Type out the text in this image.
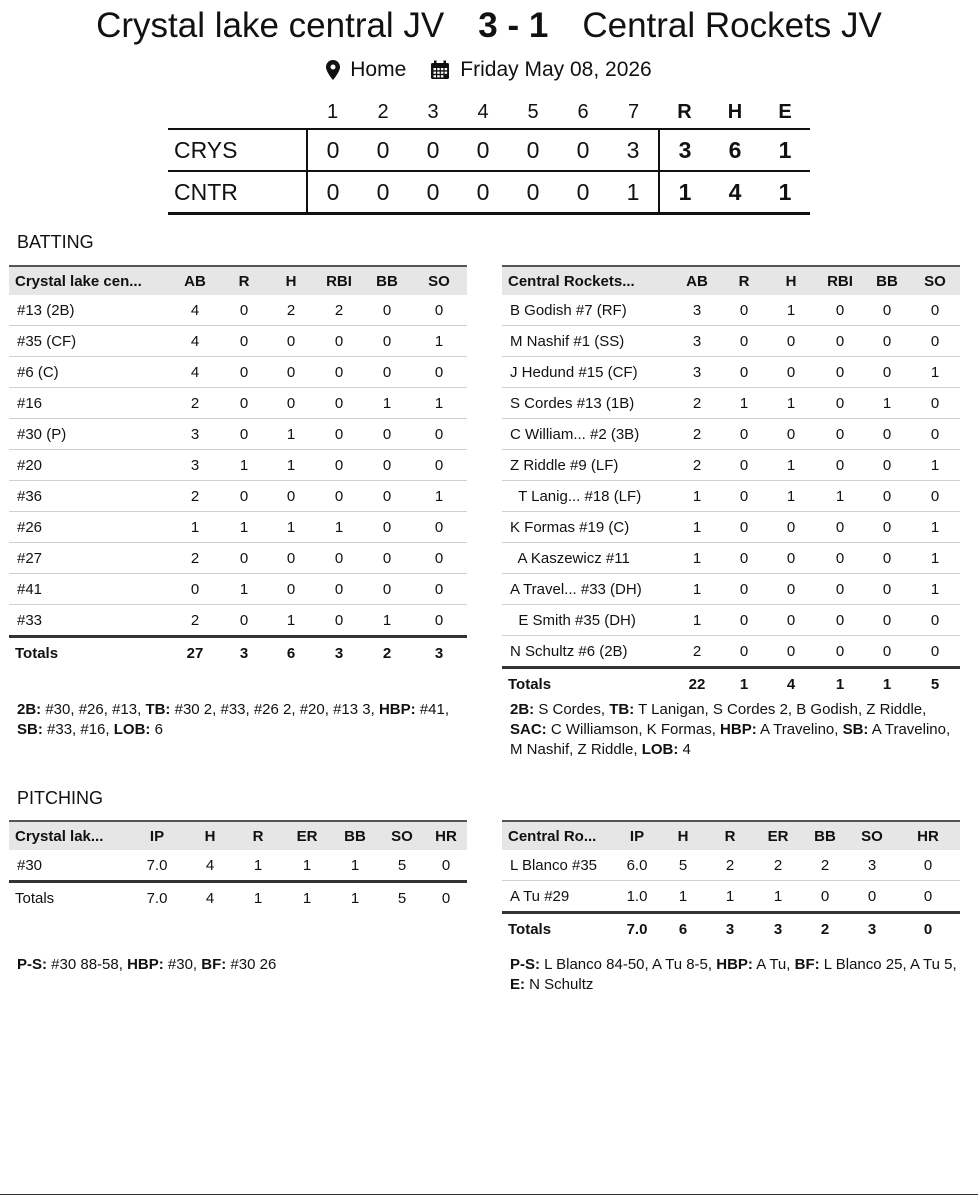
Crystal lake central JV 3 - 1 Central Rockets JV
Home	Friday May 08, 2026
	1	2	3	4	5	6	7	R	H	E
CRYS	0	0	0	0	0	0	3	3	6	1
CNTR	0	0	0	0	0	0	1	1	4	1
BATTING
Crystal lake cen...	AB	R	H	RBI	BB	SO
#13 (2B)	4	0	2	2	0	0
#35 (CF)	4	0	0	0	0	1
#6 (C)	4	0	0	0	0	0
#16	2	0	0	0	1	1
#30 (P)	3	0	1	0	0	0
#20	3	1	1	0	0	0
#36	2	0	0	0	0	1
#26	1	1	1	1	0	0
#27	2	0	0	0	0	0
#41	0	1	0	0	0	0
#33	2	0	1	0	1	0
Totals	27	3	6	3	2	3
Central Rockets...	AB	R	H	RBI	BB	SO
B Godish #7 (RF)	3	0	1	0	0	0
M Nashif #1 (SS)	3	0	0	0	0	0
J Hedund #15 (CF)	3	0	0	0	0	1
S Cordes #13 (1B)	2	1	1	0	1	0
C William... #2 (3B)	2	0	0	0	0	0
Z Riddle #9 (LF)	2	0	1	0	0	1
T Lanig... #18 (LF)	1	0	1	1	0	0
K Formas #19 (C)	1	0	0	0	0	1
A Kaszewicz #11	1	0	0	0	0	1
A Travel... #33 (DH)	1	0	0	0	0	1
E Smith #35 (DH)	1	0	0	0	0	0
N Schultz #6 (2B)	2	0	0	0	0	0
Totals	22	1	4	1	1	5
2B: #30, #26, #13, TB: #30 2, #33, #26 2, #20, #13 3, HBP: #41, SB: #33, #16, LOB: 6
2B: S Cordes, TB: T Lanigan, S Cordes 2, B Godish, Z Riddle, SAC: C Williamson, K Formas, HBP: A Travelino, SB: A Travelino, M Nashif, Z Riddle, LOB: 4
PITCHING
Crystal lak...	IP	H	R	ER	BB	SO	HR
#30	7.0	4	1	1	1	5	0
Totals	7.0	4	1	1	1	5	0
Central Ro...	IP	H	R	ER	BB	SO	HR
L Blanco #35	6.0	5	2	2	2	3	0
A Tu #29	1.0	1	1	1	0	0	0
Totals	7.0	6	3	3	2	3	0
P-S: #30 88-58, HBP: #30, BF: #30 26	P-S: L Blanco 84-50, A Tu 8-5, HBP: A Tu, BF: L Blanco 25, A Tu 5, E: N Schultz
